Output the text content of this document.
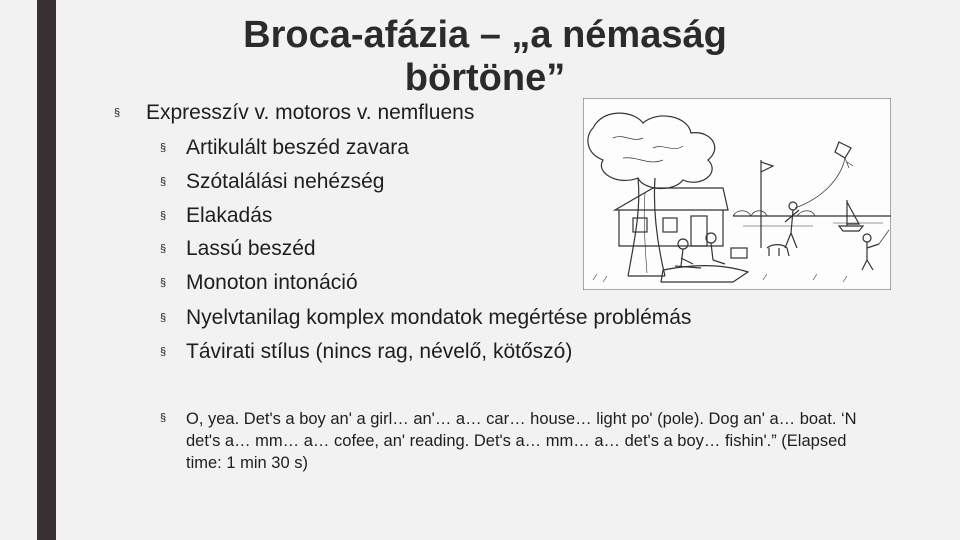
Broca-afázia – „a némaság
börtöne”
§ Expresszív v. motoros v. nemfluens
§ Artikulált beszéd zavara
§ Szótalálási nehézség
§ Elakadás
§ Lassú beszéd
§ Monoton intonáció
§ Nyelvtanilag komplex mondatok megértése problémás
§ Távirati stílus (nincs rag, névelő, kötőszó)
§ O, yea. Det's a boy an' a girl… an'… a… car… house… light po' (pole). Dog an' a… boat. ‘N det's a… mm… a… cofee, an' reading. Det's a… mm… a… det's a boy… fishin'.” (Elapsed time: 1 min 30 s)
